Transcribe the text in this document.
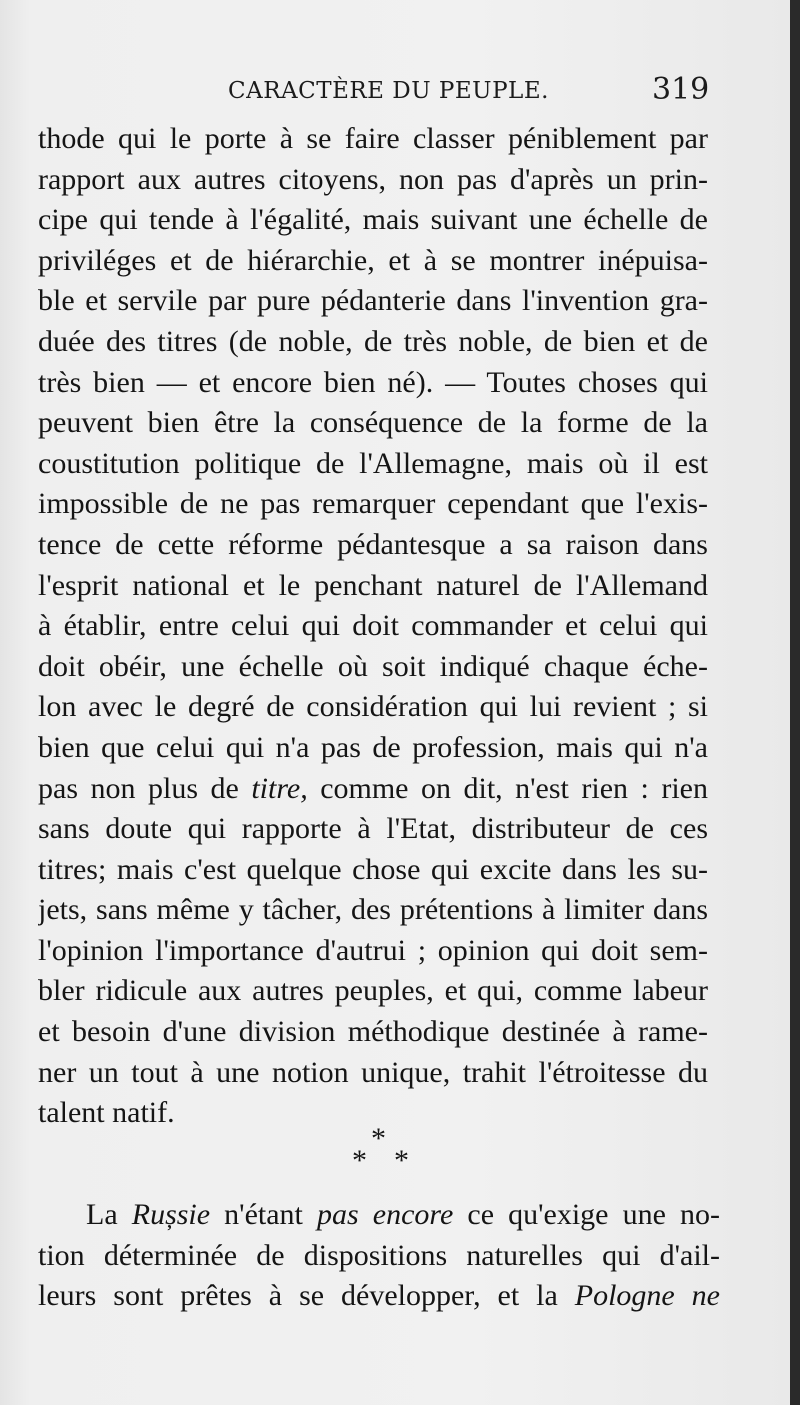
CARACTÈRE DU PEUPLE.	319
thode qui le porte à se faire classer péniblement par
rapport aux autres citoyens, non pas d'après un prin-
cipe qui tende à l'égalité, mais suivant une échelle de
priviléges et de hiérarchie, et à se montrer inépuisa-
ble et servile par pure pédanterie dans l'invention gra-
duée des titres (de noble, de très noble, de bien et de
très bien — et encore bien né). — Toutes choses qui
peuvent bien être la conséquence de la forme de la
coustitution politique de l'Allemagne, mais où il est
impossible de ne pas remarquer cependant que l'exis-
tence de cette réforme pédantesque a sa raison dans
l'esprit national et le penchant naturel de l'Allemand
à établir, entre celui qui doit commander et celui qui
doit obéir, une échelle où soit indiqué chaque éche-
lon avec le degré de considération qui lui revient ; si
bien que celui qui n'a pas de profession, mais qui n'a
pas non plus de titre, comme on dit, n'est rien : rien
sans doute qui rapporte à l'Etat, distributeur de ces
titres; mais c'est quelque chose qui excite dans les su-
jets, sans même y tâcher, des prétentions à limiter dans
l'opinion l'importance d'autrui ; opinion qui doit sem-
bler ridicule aux autres peuples, et qui, comme labeur
et besoin d'une division méthodique destinée à rame-
ner un tout à une notion unique, trahit l'étroitesse du
talent natif.
*
* *
La Rușsie n'étant pas encore ce qu'exige une no-
tion déterminée de dispositions naturelles qui d'ail-
leurs sont prêtes à se développer, et la Pologne ne
